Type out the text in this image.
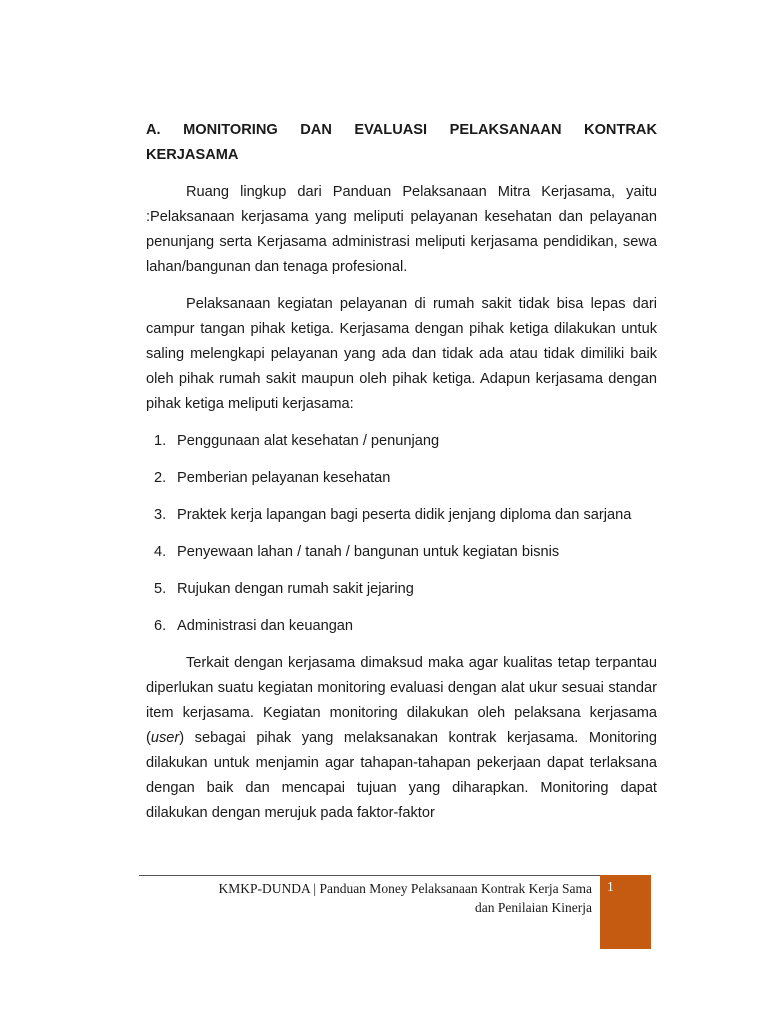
A. MONITORING DAN EVALUASI PELAKSANAAN KONTRAK KERJASAMA

Ruang lingkup dari Panduan Pelaksanaan Mitra Kerjasama, yaitu :Pelaksanaan kerjasama yang meliputi pelayanan kesehatan dan pelayanan penunjang serta Kerjasama administrasi meliputi kerjasama pendidikan, sewa lahan/bangunan dan tenaga profesional.

Pelaksanaan kegiatan pelayanan di rumah sakit tidak bisa lepas dari campur tangan pihak ketiga. Kerjasama dengan pihak ketiga dilakukan untuk saling melengkapi pelayanan yang ada dan tidak ada atau tidak dimiliki baik oleh pihak rumah sakit maupun oleh pihak ketiga. Adapun kerjasama dengan pihak ketiga meliputi kerjasama:

1. Penggunaan alat kesehatan / penunjang
2. Pemberian pelayanan kesehatan
3. Praktek kerja lapangan bagi peserta didik jenjang diploma dan sarjana
4. Penyewaan lahan / tanah / bangunan untuk kegiatan bisnis
5. Rujukan dengan rumah sakit jejaring
6. Administrasi dan keuangan

Terkait dengan kerjasama dimaksud maka agar kualitas tetap terpantau diperlukan suatu kegiatan monitoring evaluasi dengan alat ukur sesuai standar item kerjasama. Kegiatan monitoring dilakukan oleh pelaksana kerjasama (user) sebagai pihak yang melaksanakan kontrak kerjasama. Monitoring dilakukan untuk menjamin agar tahapan-tahapan pekerjaan dapat terlaksana dengan baik dan mencapai tujuan yang diharapkan. Monitoring dapat dilakukan dengan merujuk pada faktor-faktor

KMKP-DUNDA | Panduan Money Pelaksanaan Kontrak Kerja Sama
dan Penilaian Kinerja
1
